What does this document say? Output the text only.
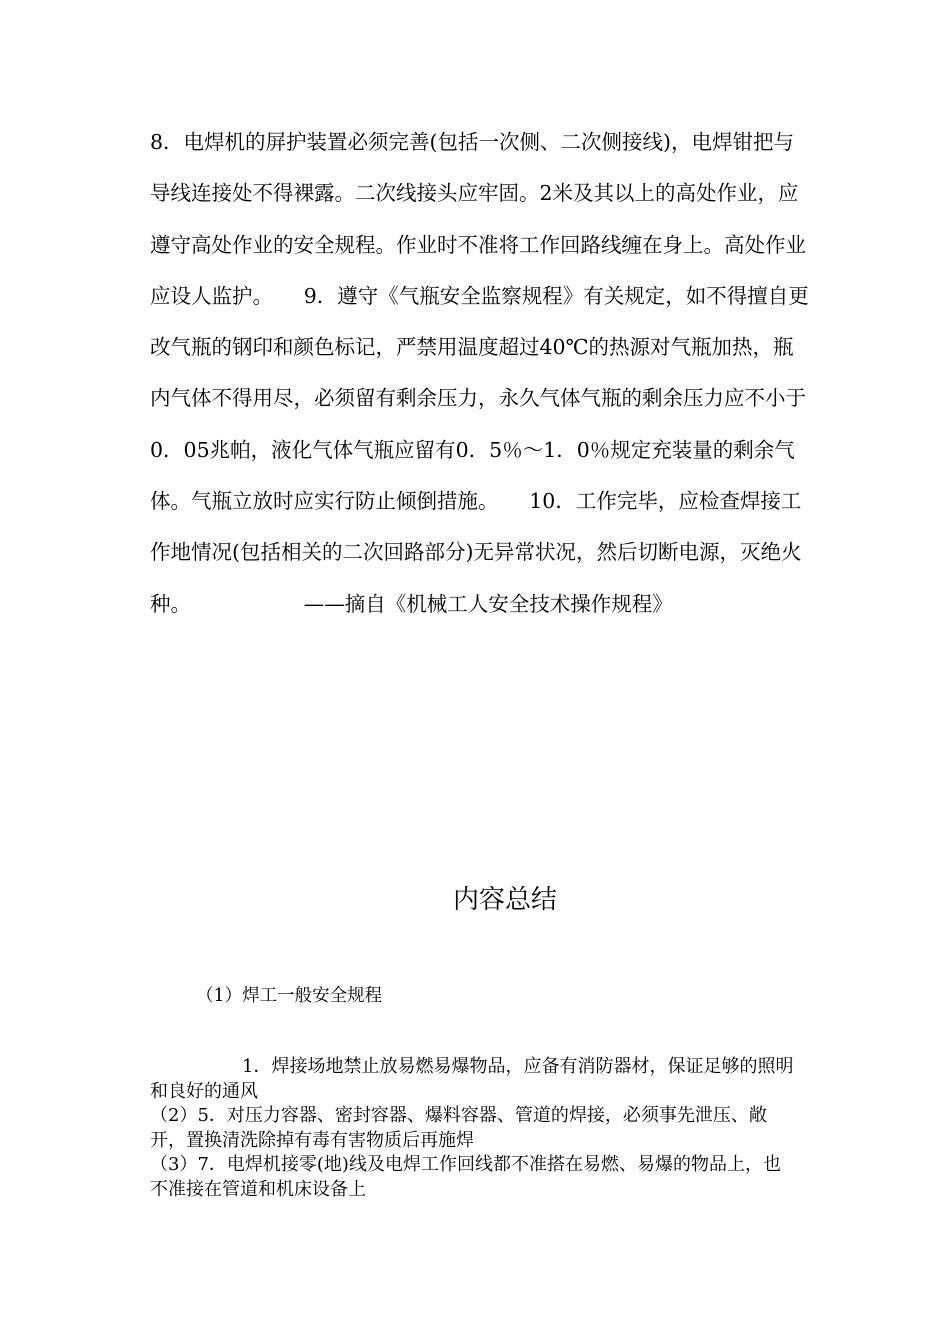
8．电焊机的屏护装置必须完善(包括一次侧、二次侧接线)，电焊钳把与导线连接处不得裸露。二次线接头应牢固。2米及其以上的高处作业，应遵守高处作业的安全规程。作业时不准将工作回路线缠在身上。高处作业应设人监护。　　9．遵守《气瓶安全监察规程》有关规定，如不得擅自更改气瓶的钢印和颜色标记，严禁用温度超过40℃的热源对气瓶加热，瓶内气体不得用尽，必须留有剩余压力，永久气体气瓶的剩余压力应不小于0．05兆帕，液化气体气瓶应留有0．5％～1．0％规定充装量的剩余气体。气瓶立放时应实行防止倾倒措施。　　10．工作完毕，应检查焊接工作地情况(包括相关的二次回路部分)无异常状况，然后切断电源，灭绝火种。　　　　　　——摘自《机械工人安全技术操作规程》

内容总结

（1）焊工一般安全规程

1．焊接场地禁止放易燃易爆物品，应备有消防器材，保证足够的照明和良好的通风

（2）5．对压力容器、密封容器、爆料容器、管道的焊接，必须事先泄压、敞开，置换清洗除掉有毒有害物质后再施焊

（3）7．电焊机接零(地)线及电焊工作回线都不准搭在易燃、易爆的物品上，也不准接在管道和机床设备上
